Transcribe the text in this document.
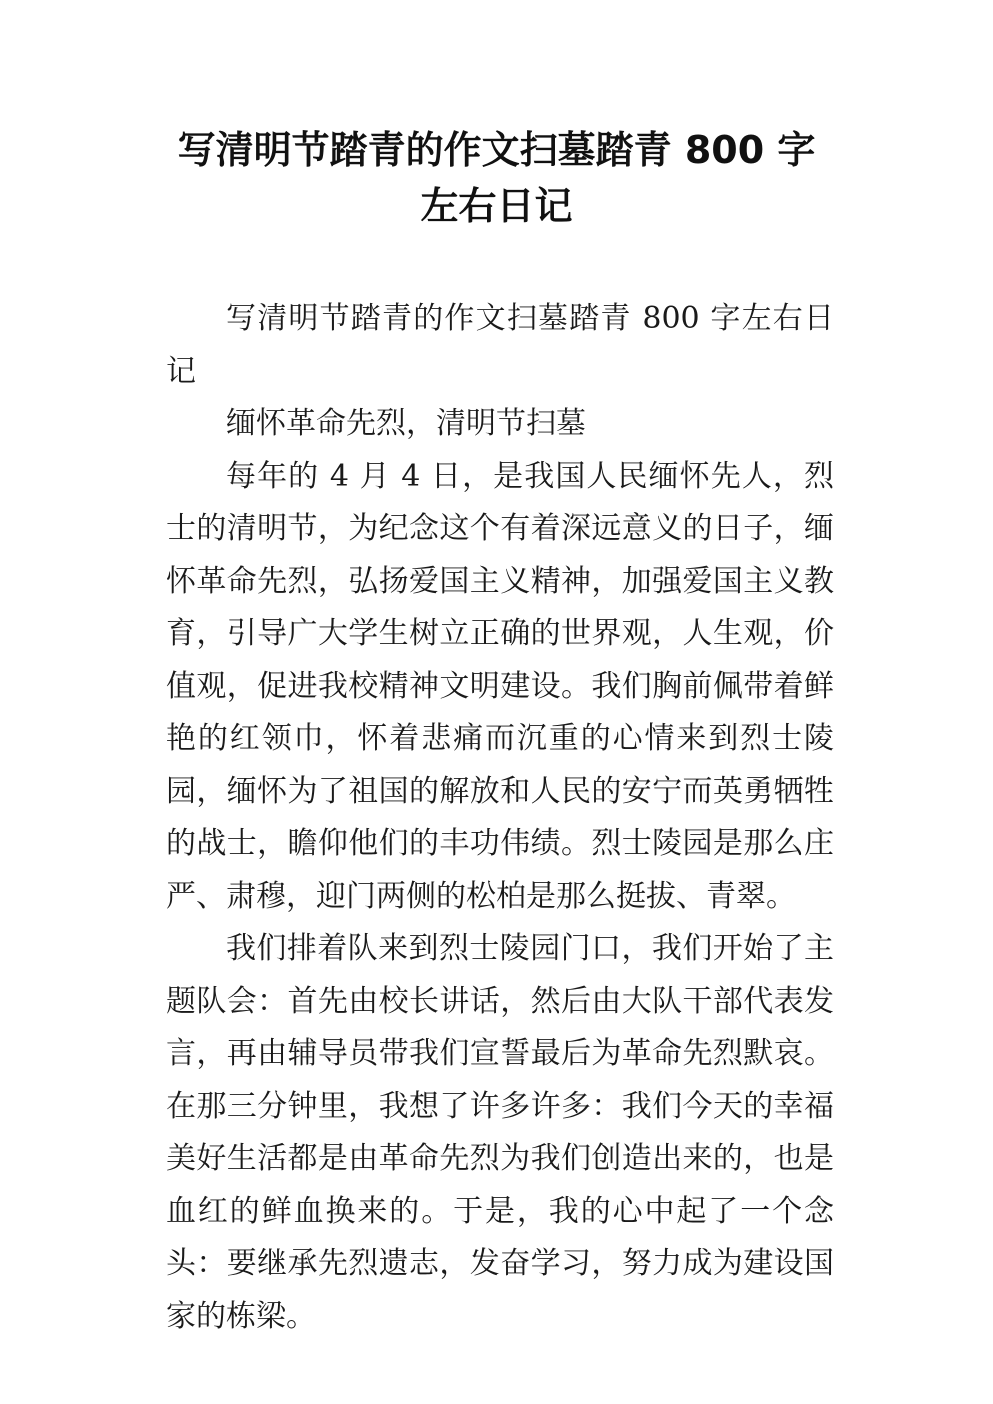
写清明节踏青的作文扫墓踏青 800 字
左右日记

写清明节踏青的作文扫墓踏青 800 字左右日记

缅怀革命先烈，清明节扫墓

每年的 4 月 4 日，是我国人民缅怀先人，烈士的清明节，为纪念这个有着深远意义的日子，缅怀革命先烈，弘扬爱国主义精神，加强爱国主义教育，引导广大学生树立正确的世界观，人生观，价值观，促进我校精神文明建设。我们胸前佩带着鲜艳的红领巾，怀着悲痛而沉重的心情来到烈士陵园，缅怀为了祖国的解放和人民的安宁而英勇牺牲的战士，瞻仰他们的丰功伟绩。烈士陵园是那么庄严、肃穆，迎门两侧的松柏是那么挺拔、青翠。

我们排着队来到烈士陵园门口，我们开始了主题队会：首先由校长讲话，然后由大队干部代表发言，再由辅导员带我们宣誓最后为革命先烈默哀。在那三分钟里，我想了许多许多：我们今天的幸福美好生活都是由革命先烈为我们创造出来的，也是血红的鲜血换来的。于是，我的心中起了一个念头：要继承先烈遗志，发奋学习，努力成为建设国家的栋梁。
